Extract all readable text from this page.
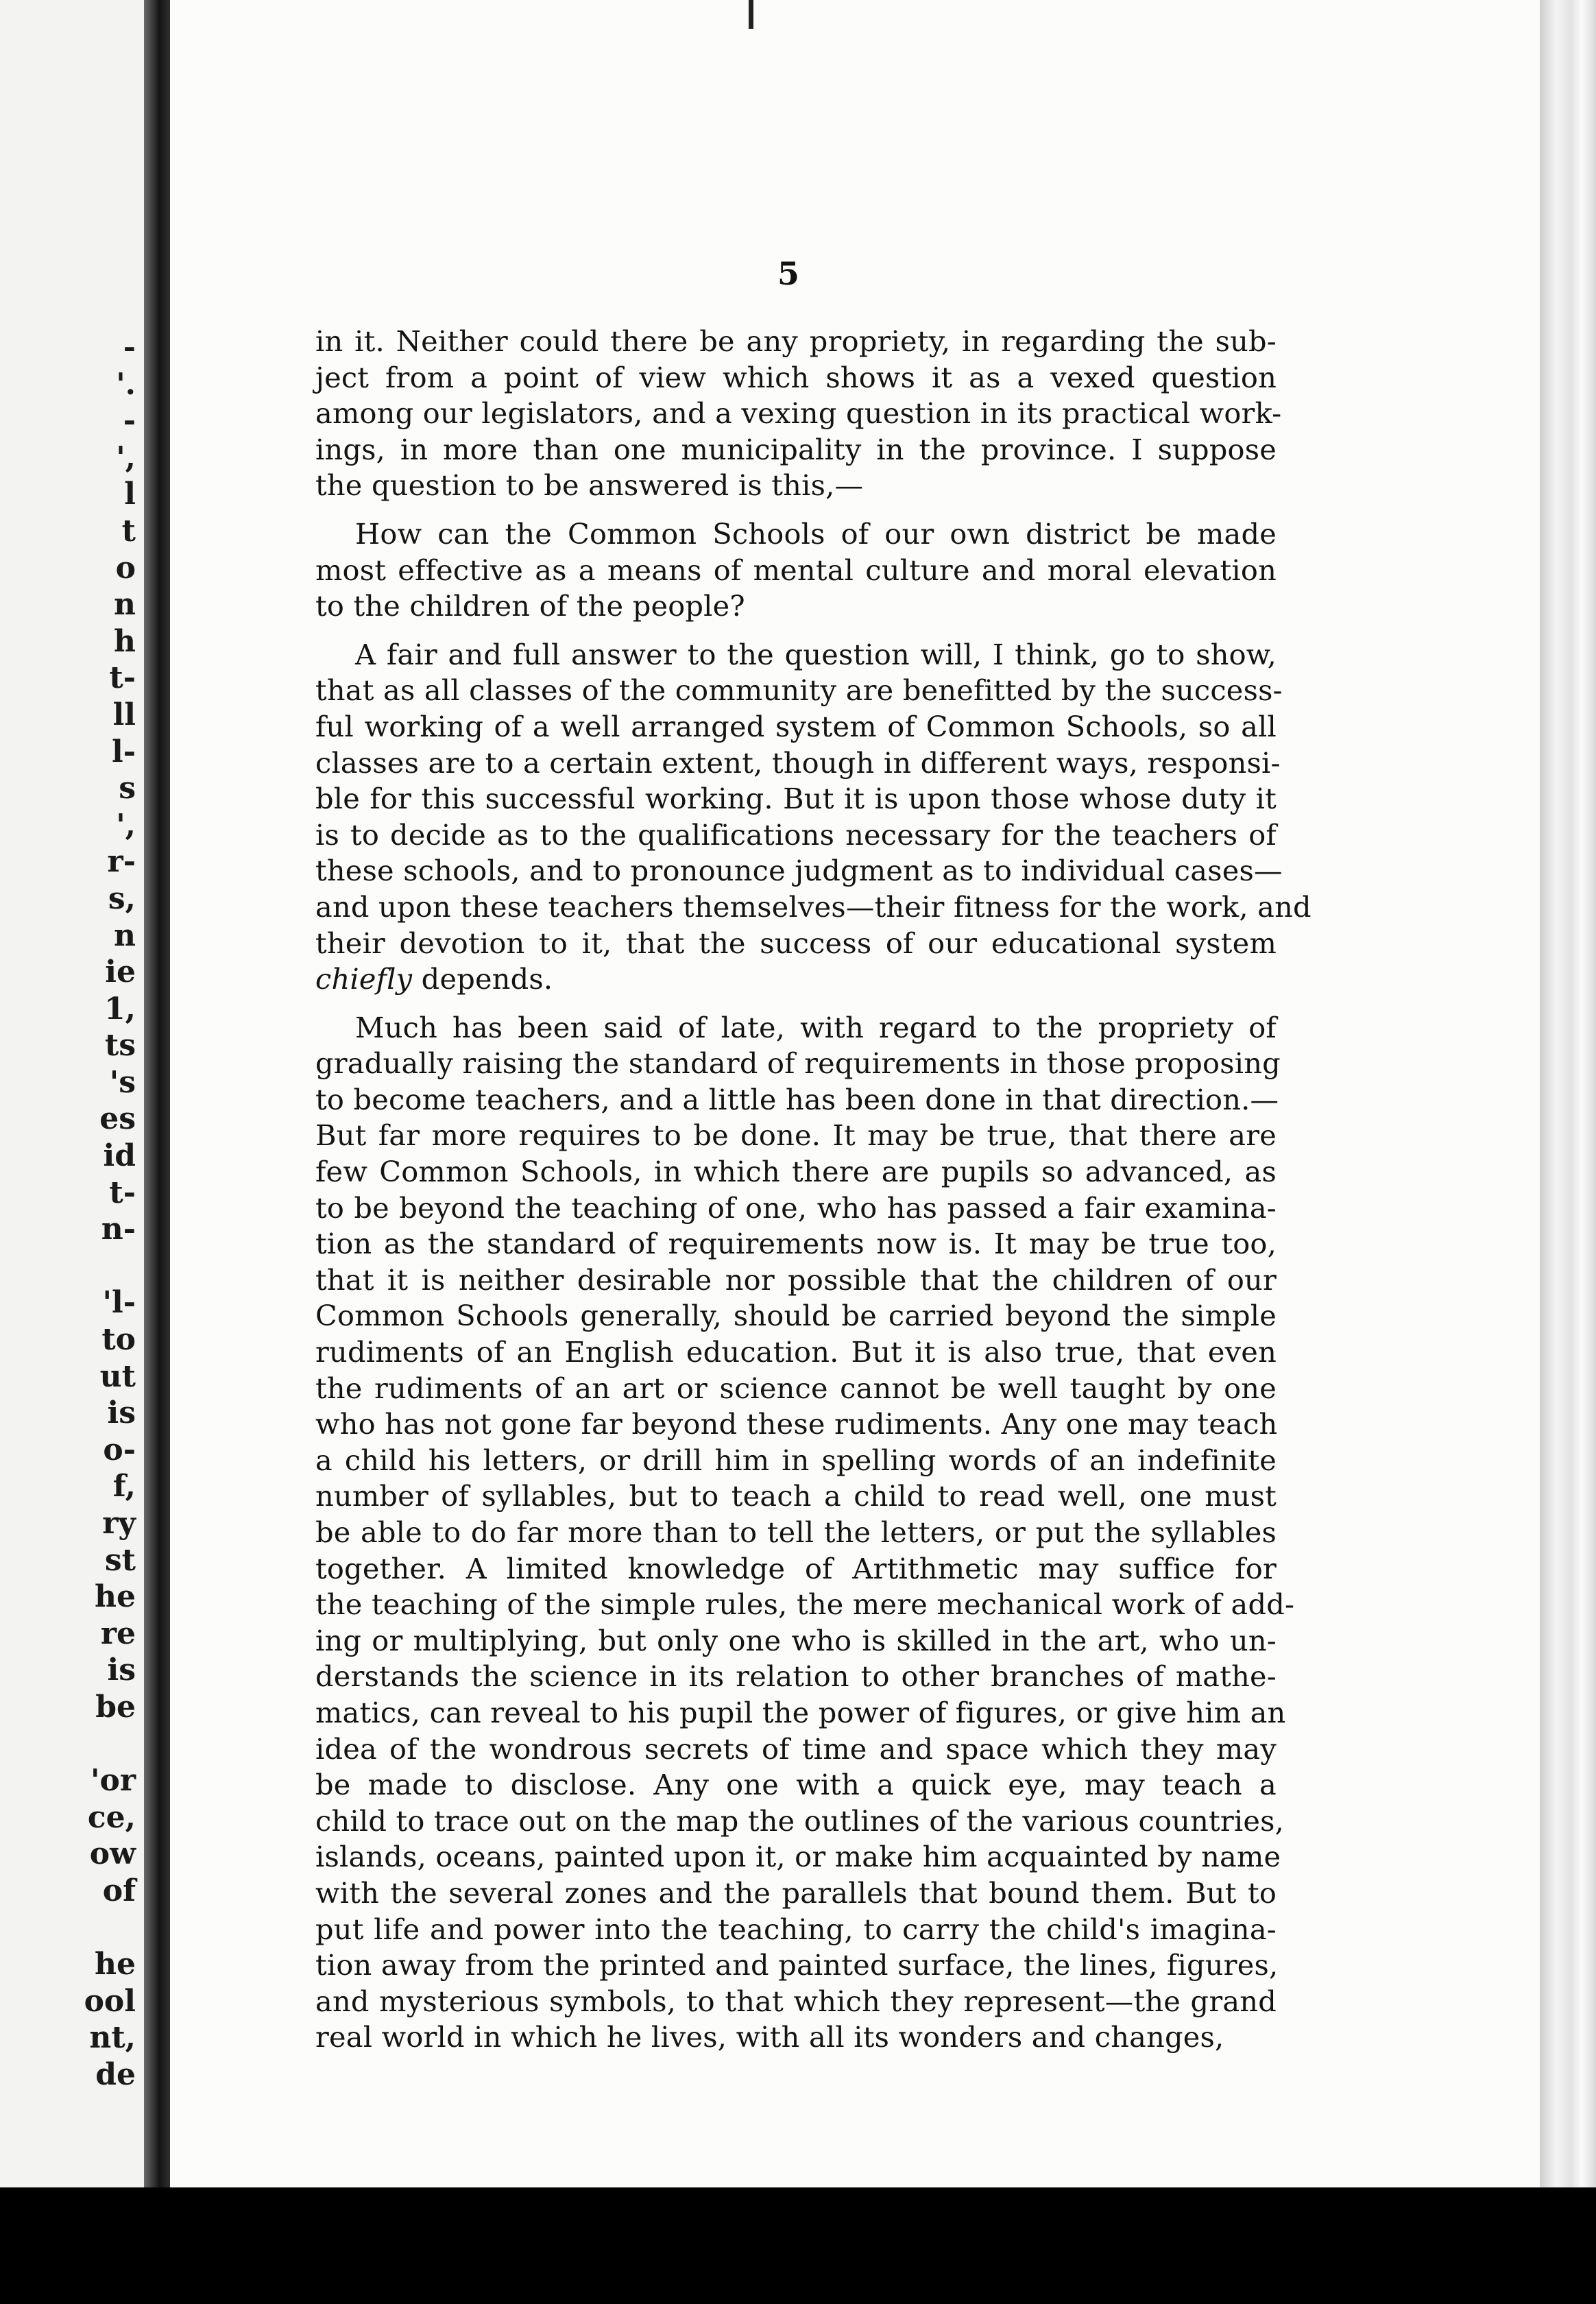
-
'.
-
',
l
t
o
n
h
t-
ll
l-
s
',
r-
s,
n
ie
1,
ts
's
es
id
t-
n-
'l-
to
ut
is
o-
f,
ry
st
he
re
is
be
'or
ce,
ow
of
he
ool
nt,
de
5
in it. Neither could there be any propriety, in regarding the sub-
ject from a point of view which shows it as a vexed question
among our legislators, and a vexing question in its practical work-
ings, in more than one municipality in the province. I suppose
the question to be answered is this,—
How can the Common Schools of our own district be made
most effective as a means of mental culture and moral elevation
to the children of the people?
A fair and full answer to the question will, I think, go to show,
that as all classes of the community are benefitted by the success-
ful working of a well arranged system of Common Schools, so all
classes are to a certain extent, though in different ways, responsi-
ble for this successful working. But it is upon those whose duty it
is to decide as to the qualifications necessary for the teachers of
these schools, and to pronounce judgment as to individual cases—
and upon these teachers themselves—their fitness for the work, and
their devotion to it, that the success of our educational system
chiefly depends.
Much has been said of late, with regard to the propriety of
gradually raising the standard of requirements in those proposing
to become teachers, and a little has been done in that direction.—
But far more requires to be done. It may be true, that there are
few Common Schools, in which there are pupils so advanced, as
to be beyond the teaching of one, who has passed a fair examina-
tion as the standard of requirements now is. It may be true too,
that it is neither desirable nor possible that the children of our
Common Schools generally, should be carried beyond the simple
rudiments of an English education. But it is also true, that even
the rudiments of an art or science cannot be well taught by one
who has not gone far beyond these rudiments. Any one may teach
a child his letters, or drill him in spelling words of an indefinite
number of syllables, but to teach a child to read well, one must
be able to do far more than to tell the letters, or put the syllables
together. A limited knowledge of Artithmetic may suffice for
the teaching of the simple rules, the mere mechanical work of add-
ing or multiplying, but only one who is skilled in the art, who un-
derstands the science in its relation to other branches of mathe-
matics, can reveal to his pupil the power of figures, or give him an
idea of the wondrous secrets of time and space which they may
be made to disclose. Any one with a quick eye, may teach a
child to trace out on the map the outlines of the various countries,
islands, oceans, painted upon it, or make him acquainted by name
with the several zones and the parallels that bound them. But to
put life and power into the teaching, to carry the child's imagina-
tion away from the printed and painted surface, the lines, figures,
and mysterious symbols, to that which they represent—the grand
real world in which he lives, with all its wonders and changes,
